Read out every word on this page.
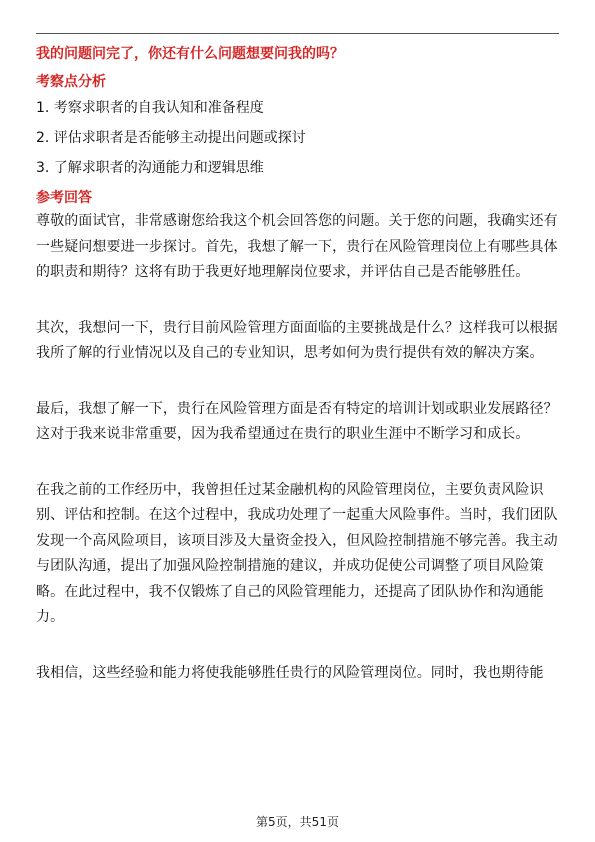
我的问题问完了，你还有什么问题想要问我的吗？
考察点分析
1. 考察求职者的自我认知和准备程度
2. 评估求职者是否能够主动提出问题或探讨
3. 了解求职者的沟通能力和逻辑思维
参考回答

尊敬的面试官，非常感谢您给我这个机会回答您的问题。关于您的问题，我确实还有一些疑问想要进一步探讨。首先，我想了解一下，贵行在风险管理岗位上有哪些具体的职责和期待？这将有助于我更好地理解岗位要求，并评估自己是否能够胜任。

其次，我想问一下，贵行目前风险管理方面面临的主要挑战是什么？这样我可以根据我所了解的行业情况以及自己的专业知识，思考如何为贵行提供有效的解决方案。

最后，我想了解一下，贵行在风险管理方面是否有特定的培训计划或职业发展路径？这对于我来说非常重要，因为我希望通过在贵行的职业生涯中不断学习和成长。

在我之前的工作经历中，我曾担任过某金融机构的风险管理岗位，主要负责风险识别、评估和控制。在这个过程中，我成功处理了一起重大风险事件。当时，我们团队发现一个高风险项目，该项目涉及大量资金投入，但风险控制措施不够完善。我主动与团队沟通，提出了加强风险控制措施的建议，并成功促使公司调整了项目风险策略。在此过程中，我不仅锻炼了自己的风险管理能力，还提高了团队协作和沟通能力。

我相信，这些经验和能力将使我能够胜任贵行的风险管理岗位。同时，我也期待能

第5页，共51页
